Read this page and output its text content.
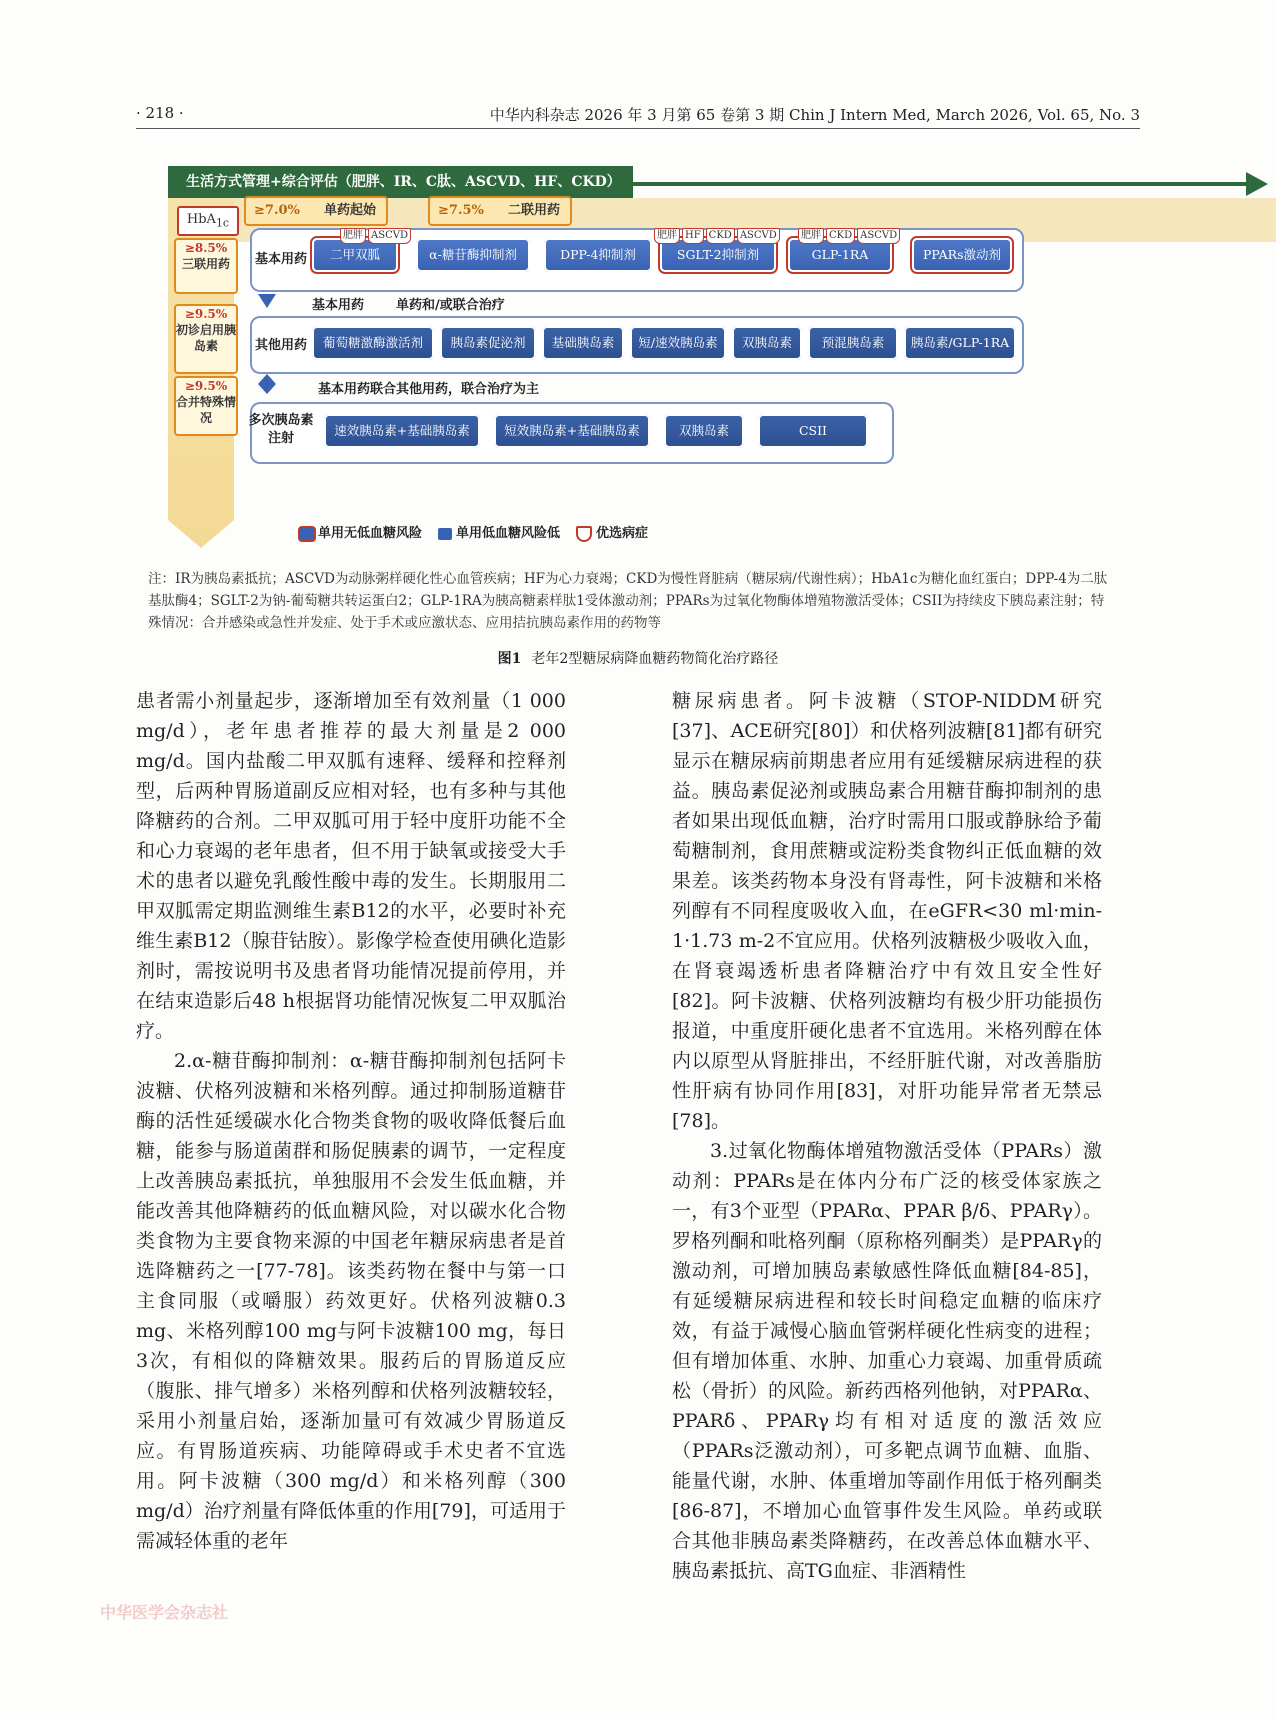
· 218 ·	中华内科杂志 2026 年 3 月第 65 卷第 3 期 Chin J Intern Med, March 2026, Vol. 65, No. 3
生活方式管理+综合评估（肥胖、IR、C肽、ASCVD、HF、CKD）
HbA$_{1c}$
≥7.0% 单药起始	≥7.5% 二联用药
≥8.5%
三联用药
≥9.5%
初诊启用胰岛素
≥9.5%
合并特殊情况
基本用药	二甲双胍	α-糖苷酶抑制剂	DPP-4抑制剂	SGLT-2抑制剂	GLP-1RA	PPARs激动剂
肥胖 ASCVD	肥胖 HF CKD ASCVD	肥胖 CKD ASCVD
基本用药 单药和/或联合治疗
其他用药	葡萄糖激酶激活剂	胰岛素促泌剂	基础胰岛素	短/速效胰岛素	双胰岛素	预混胰岛素	胰岛素/GLP-1RA
基本用药联合其他用药，联合治疗为主
多次胰岛素注射
速效胰岛素+基础胰岛素	短效胰岛素+基础胰岛素	双胰岛素	CSII
单用无低血糖风险	单用低血糖风险低	优选病症
注：IR为胰岛素抵抗；ASCVD为动脉粥样硬化性心血管疾病；HF为心力衰竭；CKD为慢性肾脏病（糖尿病/代谢性病）；HbA1c为糖化血红蛋白；DPP-4为二肽基肽酶4；SGLT-2为钠-葡萄糖共转运蛋白2；GLP-1RA为胰高糖素样肽1受体激动剂；PPARs为过氧化物酶体增殖物激活受体；CSII为持续皮下胰岛素注射；特殊情况：合并感染或急性并发症、处于手术或应激状态、应用拮抗胰岛素作用的药物等
图1 老年2型糖尿病降血糖药物简化治疗路径

患者需小剂量起步，逐渐增加至有效剂量（1 000 mg/d），老年患者推荐的最大剂量是2 000 mg/d。国内盐酸二甲双胍有速释、缓释和控释剂型，后两种胃肠道副反应相对轻，也有多种与其他降糖药的合剂。二甲双胍可用于轻中度肝功能不全和心力衰竭的老年患者，但不用于缺氧或接受大手术的患者以避免乳酸性酸中毒的发生。长期服用二甲双胍需定期监测维生素B12的水平，必要时补充维生素B12（腺苷钴胺）。影像学检查使用碘化造影剂时，需按说明书及患者肾功能情况提前停用，并在结束造影后48 h根据肾功能情况恢复二甲双胍治疗。

2.α-糖苷酶抑制剂：α-糖苷酶抑制剂包括阿卡波糖、伏格列波糖和米格列醇。通过抑制肠道糖苷酶的活性延缓碳水化合物类食物的吸收降低餐后血糖，能参与肠道菌群和肠促胰素的调节，一定程度上改善胰岛素抵抗，单独服用不会发生低血糖，并能改善其他降糖药的低血糖风险，对以碳水化合物类食物为主要食物来源的中国老年糖尿病患者是首选降糖药之一[77-78]。该类药物在餐中与第一口主食同服（或嚼服）药效更好。伏格列波糖0.3 mg、米格列醇100 mg与阿卡波糖100 mg，每日3次，有相似的降糖效果。服药后的胃肠道反应（腹胀、排气增多）米格列醇和伏格列波糖较轻，采用小剂量启始，逐渐加量可有效减少胃肠道反应。有胃肠道疾病、功能障碍或手术史者不宜选用。阿卡波糖（300 mg/d）和米格列醇（300 mg/d）治疗剂量有降低体重的作用[79]，可适用于需减轻体重的老年

糖尿病患者。阿卡波糖（STOP-NIDDM研究[37]、ACE研究[80]）和伏格列波糖[81]都有研究显示在糖尿病前期患者应用有延缓糖尿病进程的获益。胰岛素促泌剂或胰岛素合用糖苷酶抑制剂的患者如果出现低血糖，治疗时需用口服或静脉给予葡萄糖制剂，食用蔗糖或淀粉类食物纠正低血糖的效果差。该类药物本身没有肾毒性，阿卡波糖和米格列醇有不同程度吸收入血，在eGFR<30 ml·min-1·1.73 m-2不宜应用。伏格列波糖极少吸收入血，在肾衰竭透析患者降糖治疗中有效且安全性好[82]。阿卡波糖、伏格列波糖均有极少肝功能损伤报道，中重度肝硬化患者不宜选用。米格列醇在体内以原型从肾脏排出，不经肝脏代谢，对改善脂肪性肝病有协同作用[83]，对肝功能异常者无禁忌[78]。

3.过氧化物酶体增殖物激活受体（PPARs）激动剂：PPARs是在体内分布广泛的核受体家族之一，有3个亚型（PPARα、PPAR β/δ、PPARγ）。罗格列酮和吡格列酮（原称格列酮类）是PPARγ的激动剂，可增加胰岛素敏感性降低血糖[84-85]，有延缓糖尿病进程和较长时间稳定血糖的临床疗效，有益于减慢心脑血管粥样硬化性病变的进程；但有增加体重、水肿、加重心力衰竭、加重骨质疏松（骨折）的风险。新药西格列他钠，对PPARα、PPARδ、PPARγ均有相对适度的激活效应（PPARs泛激动剂），可多靶点调节血糖、血脂、能量代谢，水肿、体重增加等副作用低于格列酮类[86-87]，不增加心血管事件发生风险。单药或联合其他非胰岛素类降糖药，在改善总体血糖水平、胰岛素抵抗、高TG血症、非酒精性

中华医学会杂志社
